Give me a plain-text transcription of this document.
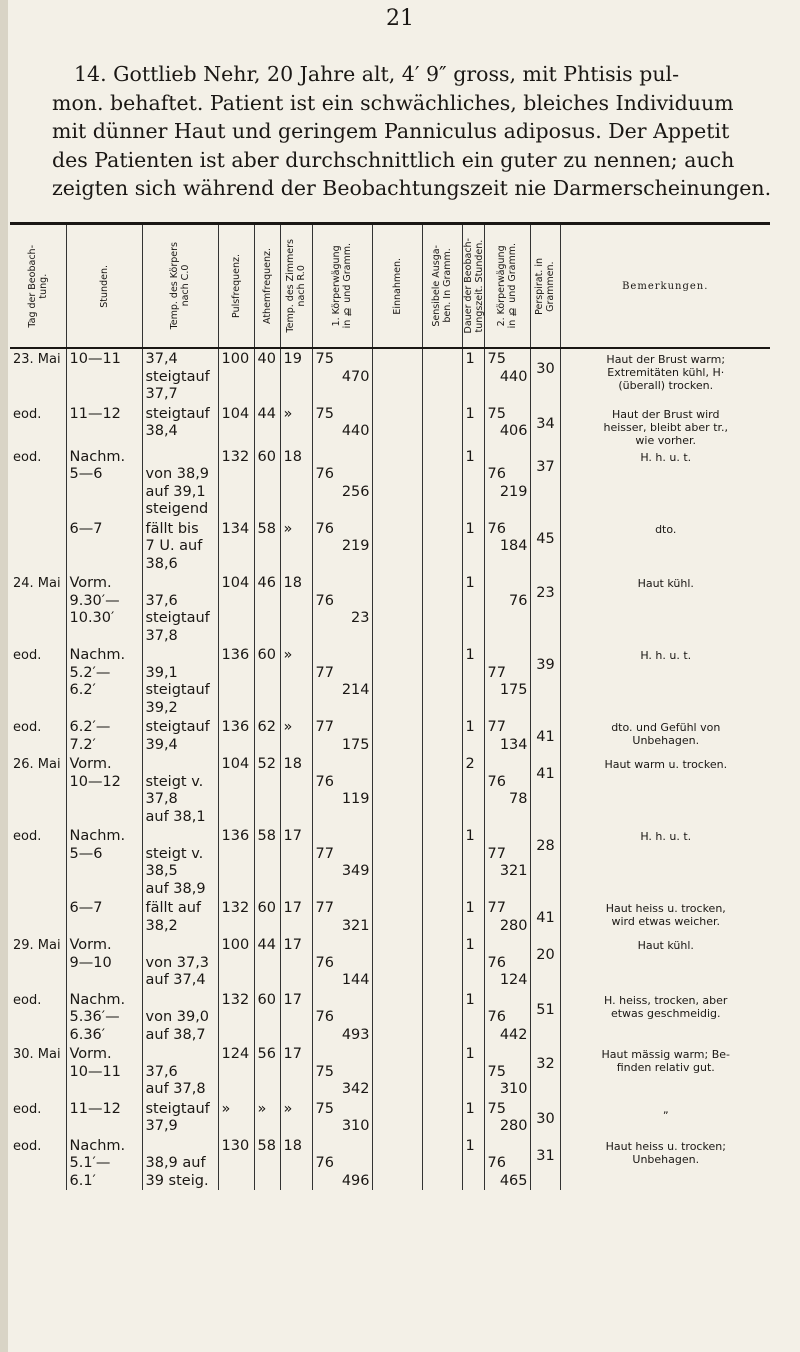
21

14. Gottlieb Nehr, 20 Jahre alt, 4′ 9″ gross, mit Phtisis pul-
mon. behaftet. Patient ist ein schwächliches, bleiches Individuum
mit dünner Haut und geringem Panniculus adiposus. Der Appetit
des Patienten ist aber durchschnittlich ein guter zu nennen; auch
zeigten sich während der Beobachtungszeit nie Darmerscheinungen.

Tag der Beobach-
tung.	Stunden.	Temp. des Körpers
nach C.0	Pulsfrequenz.	Athemfrequenz.	Temp. des Zimmers
nach R.0	1. Körperwägung
in ℔ und Gramm.	Einnahmen.	Sensibele Ausga-
ben. In Gramm.	Dauer der Beobach-
tungszeit. Stunden.	2. Körperwägung
in ℔ und Gramm.	Perspirat. in
Grammen.	Bemerkungen.

23. Mai	10—11	37,4
steigtauf
37,7	100	40	19	75
470			1	75
440	30	Haut der Brust warm;
Extremitäten kühl, H·
(überall) trocken.

eod.	11—12	steigtauf
38,4	104	44	»	75
440			1	75
406	34	Haut der Brust wird
heisser, bleibt aber tr.,
wie vorher.

eod.	Nachm.
5—6	von 38,9
auf 39,1
steigend	132	60	18	76
256			1	76
219	37	H. h. u. t.

	6—7	fällt bis
7 U. auf
38,6	134	58	»	76
219			1	76
184	45	dto.

24. Mai	Vorm.
9.30′—
10.30′	37,6
steigtauf
37,8	104	46	18	76
23			1	76	23	Haut kühl.

eod.	Nachm.
5.2′—
6.2′	39,1
steigtauf
39,2	136	60	»	77
214			1	77
175	39	H. h. u. t.

eod.	6.2′—
7.2′	steigtauf
39,4	136	62	»	77
175			1	77
134	41	dto. und Gefühl von
Unbehagen.

26. Mai	Vorm.
10—12	steigt v.
37,8
auf 38,1	104	52	18	76
119			2	76
78	41	Haut warm u. trocken.

eod.	Nachm.
5—6	steigt v.
38,5
auf 38,9	136	58	17	77
349			1	77
321	28	H. h. u. t.

	6—7	fällt auf
38,2	132	60	17	77
321			1	77
280	41	Haut heiss u. trocken,
wird etwas weicher.

29. Mai	Vorm.
9—10	von 37,3
auf 37,4	100	44	17	76
144			1	76
124	20	Haut kühl.

eod.	Nachm.
5.36′—
6.36′	von 39,0
auf 38,7	132	60	17	76
493			1	76
442	51	H. heiss, trocken, aber
etwas geschmeidig.

30. Mai	Vorm.
10—11	37,6
auf 37,8	124	56	17	75
342			1	75
310	32	Haut mässig warm; Be-
finden relativ gut.

eod.	11—12	steigtauf
37,9	»	»	»	75
310			1	75
280	30	„

eod.	Nachm.
5.1′—
6.1′	38,9 auf
39 steig.	130	58	18	76
496			1	76
465	31	Haut heiss u. trocken;
Unbehagen.
